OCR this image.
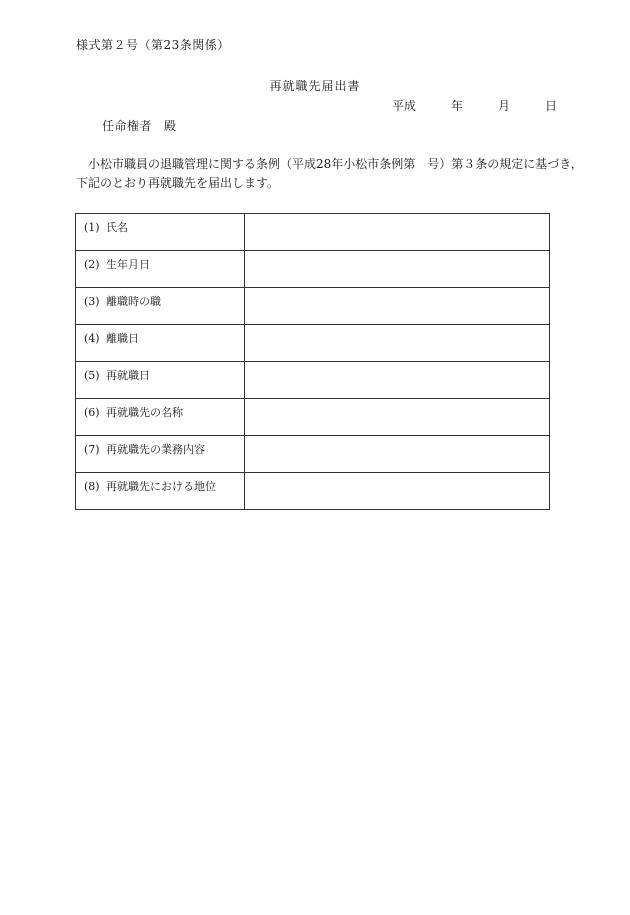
様式第２号（第23条関係）
再就職先届出書
平成	年	月	日
任命権者 殿

小松市職員の退職管理に関する条例（平成28年小松市条例第　号）第３条の規定に基づき，

下記のとおり再就職先を届出します。

(1) 氏名	
(2) 生年月日	
(3) 離職時の職	
(4) 離職日	
(5) 再就職日	
(6) 再就職先の名称	
(7) 再就職先の業務内容	
(8) 再就職先における地位	
